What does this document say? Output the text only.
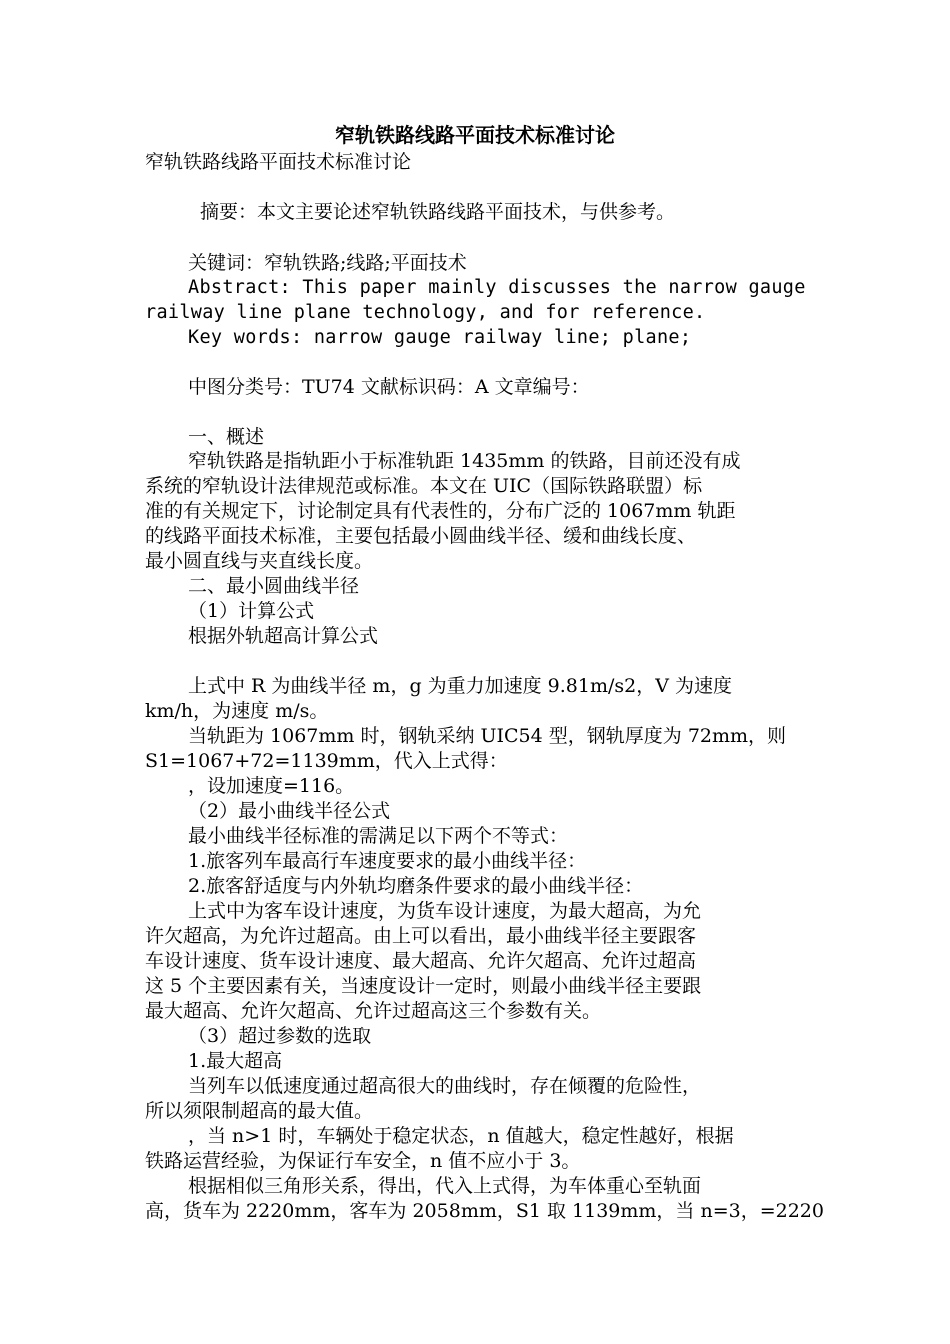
窄轨铁路线路平面技术标准讨论
窄轨铁路线路平面技术标准讨论
摘要：本文主要论述窄轨铁路线路平面技术，与供参考。
关键词：窄轨铁路;线路;平面技术
Abstract: This paper mainly discusses the narrow gauge
railway line plane technology, and for reference.
Key words: narrow gauge railway line; plane;
中图分类号：TU74 文献标识码：A 文章编号：
一、概述
窄轨铁路是指轨距小于标准轨距 1435mm 的铁路，目前还没有成
系统的窄轨设计法律规范或标准。本文在 UIC（国际铁路联盟）标
准的有关规定下，讨论制定具有代表性的，分布广泛的 1067mm 轨距
的线路平面技术标准，主要包括最小圆曲线半径、缓和曲线长度、
最小圆直线与夹直线长度。
二、最小圆曲线半径
（1）计算公式
根据外轨超高计算公式
上式中 R 为曲线半径 m，g 为重力加速度 9.81m/s2，V 为速度
km/h，为速度 m/s。
当轨距为 1067mm 时，钢轨采纳 UIC54 型，钢轨厚度为 72mm，则
S1=1067+72=1139mm，代入上式得：
，设加速度=116。
（2）最小曲线半径公式
最小曲线半径标准的需满足以下两个不等式：
1.旅客列车最高行车速度要求的最小曲线半径：
2.旅客舒适度与内外轨均磨条件要求的最小曲线半径：
上式中为客车设计速度，为货车设计速度，为最大超高，为允
许欠超高，为允许过超高。由上可以看出，最小曲线半径主要跟客
车设计速度、货车设计速度、最大超高、允许欠超高、允许过超高
这 5 个主要因素有关，当速度设计一定时，则最小曲线半径主要跟
最大超高、允许欠超高、允许过超高这三个参数有关。
（3）超过参数的选取
1.最大超高
当列车以低速度通过超高很大的曲线时，存在倾覆的危险性，
所以须限制超高的最大值。
，当 n>1 时，车辆处于稳定状态，n 值越大，稳定性越好，根据
铁路运营经验，为保证行车安全，n 值不应小于 3。
根据相似三角形关系，得出，代入上式得，为车体重心至轨面
高，货车为 2220mm，客车为 2058mm，S1 取 1139mm，当 n=3，=2220
